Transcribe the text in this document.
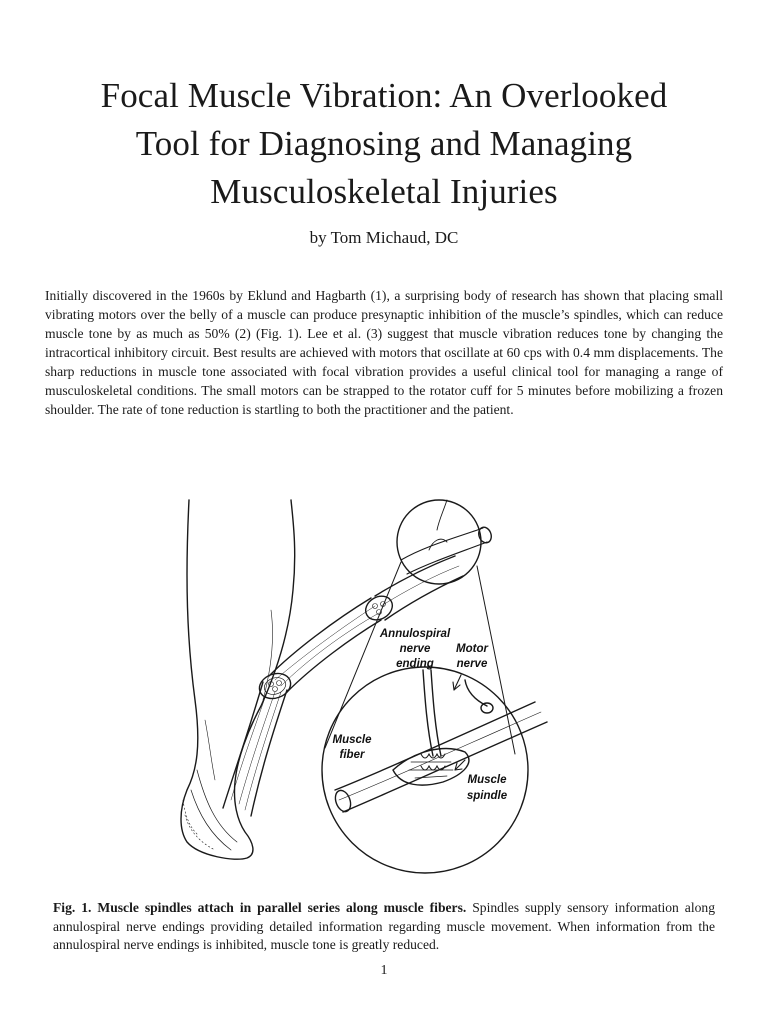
Focal Muscle Vibration: An Overlooked
Tool for Diagnosing and Managing
Musculoskeletal Injuries
by Tom Michaud, DC

Initially discovered in the 1960s by Eklund and Hagbarth (1), a surprising body of research has shown that placing small vibrating motors over the belly of a muscle can produce presynaptic inhibition of the muscle’s spindles, which can reduce muscle tone by as much as 50% (2) (Fig. 1). Lee et al. (3) suggest that muscle vibration reduces tone by changing the intracortical inhibitory circuit. Best results are achieved with motors that oscillate at 60 cps with 0.4 mm displacements. The sharp reductions in muscle tone associated with focal vibration provides a useful clinical tool for managing a range of musculoskeletal conditions. The small motors can be strapped to the rotator cuff for 5 minutes before mobilizing a frozen shoulder. The rate of tone reduction is startling to both the practitioner and the patient.

Annulospiral
nerve
ending
Motor
nerve
Muscle
fiber
Muscle
spindle

Fig. 1. Muscle spindles attach in parallel series along muscle fibers. Spindles supply sensory information along annulospiral nerve endings providing detailed information regarding muscle movement. When information from the annulospiral nerve endings is inhibited, muscle tone is greatly reduced.

1
